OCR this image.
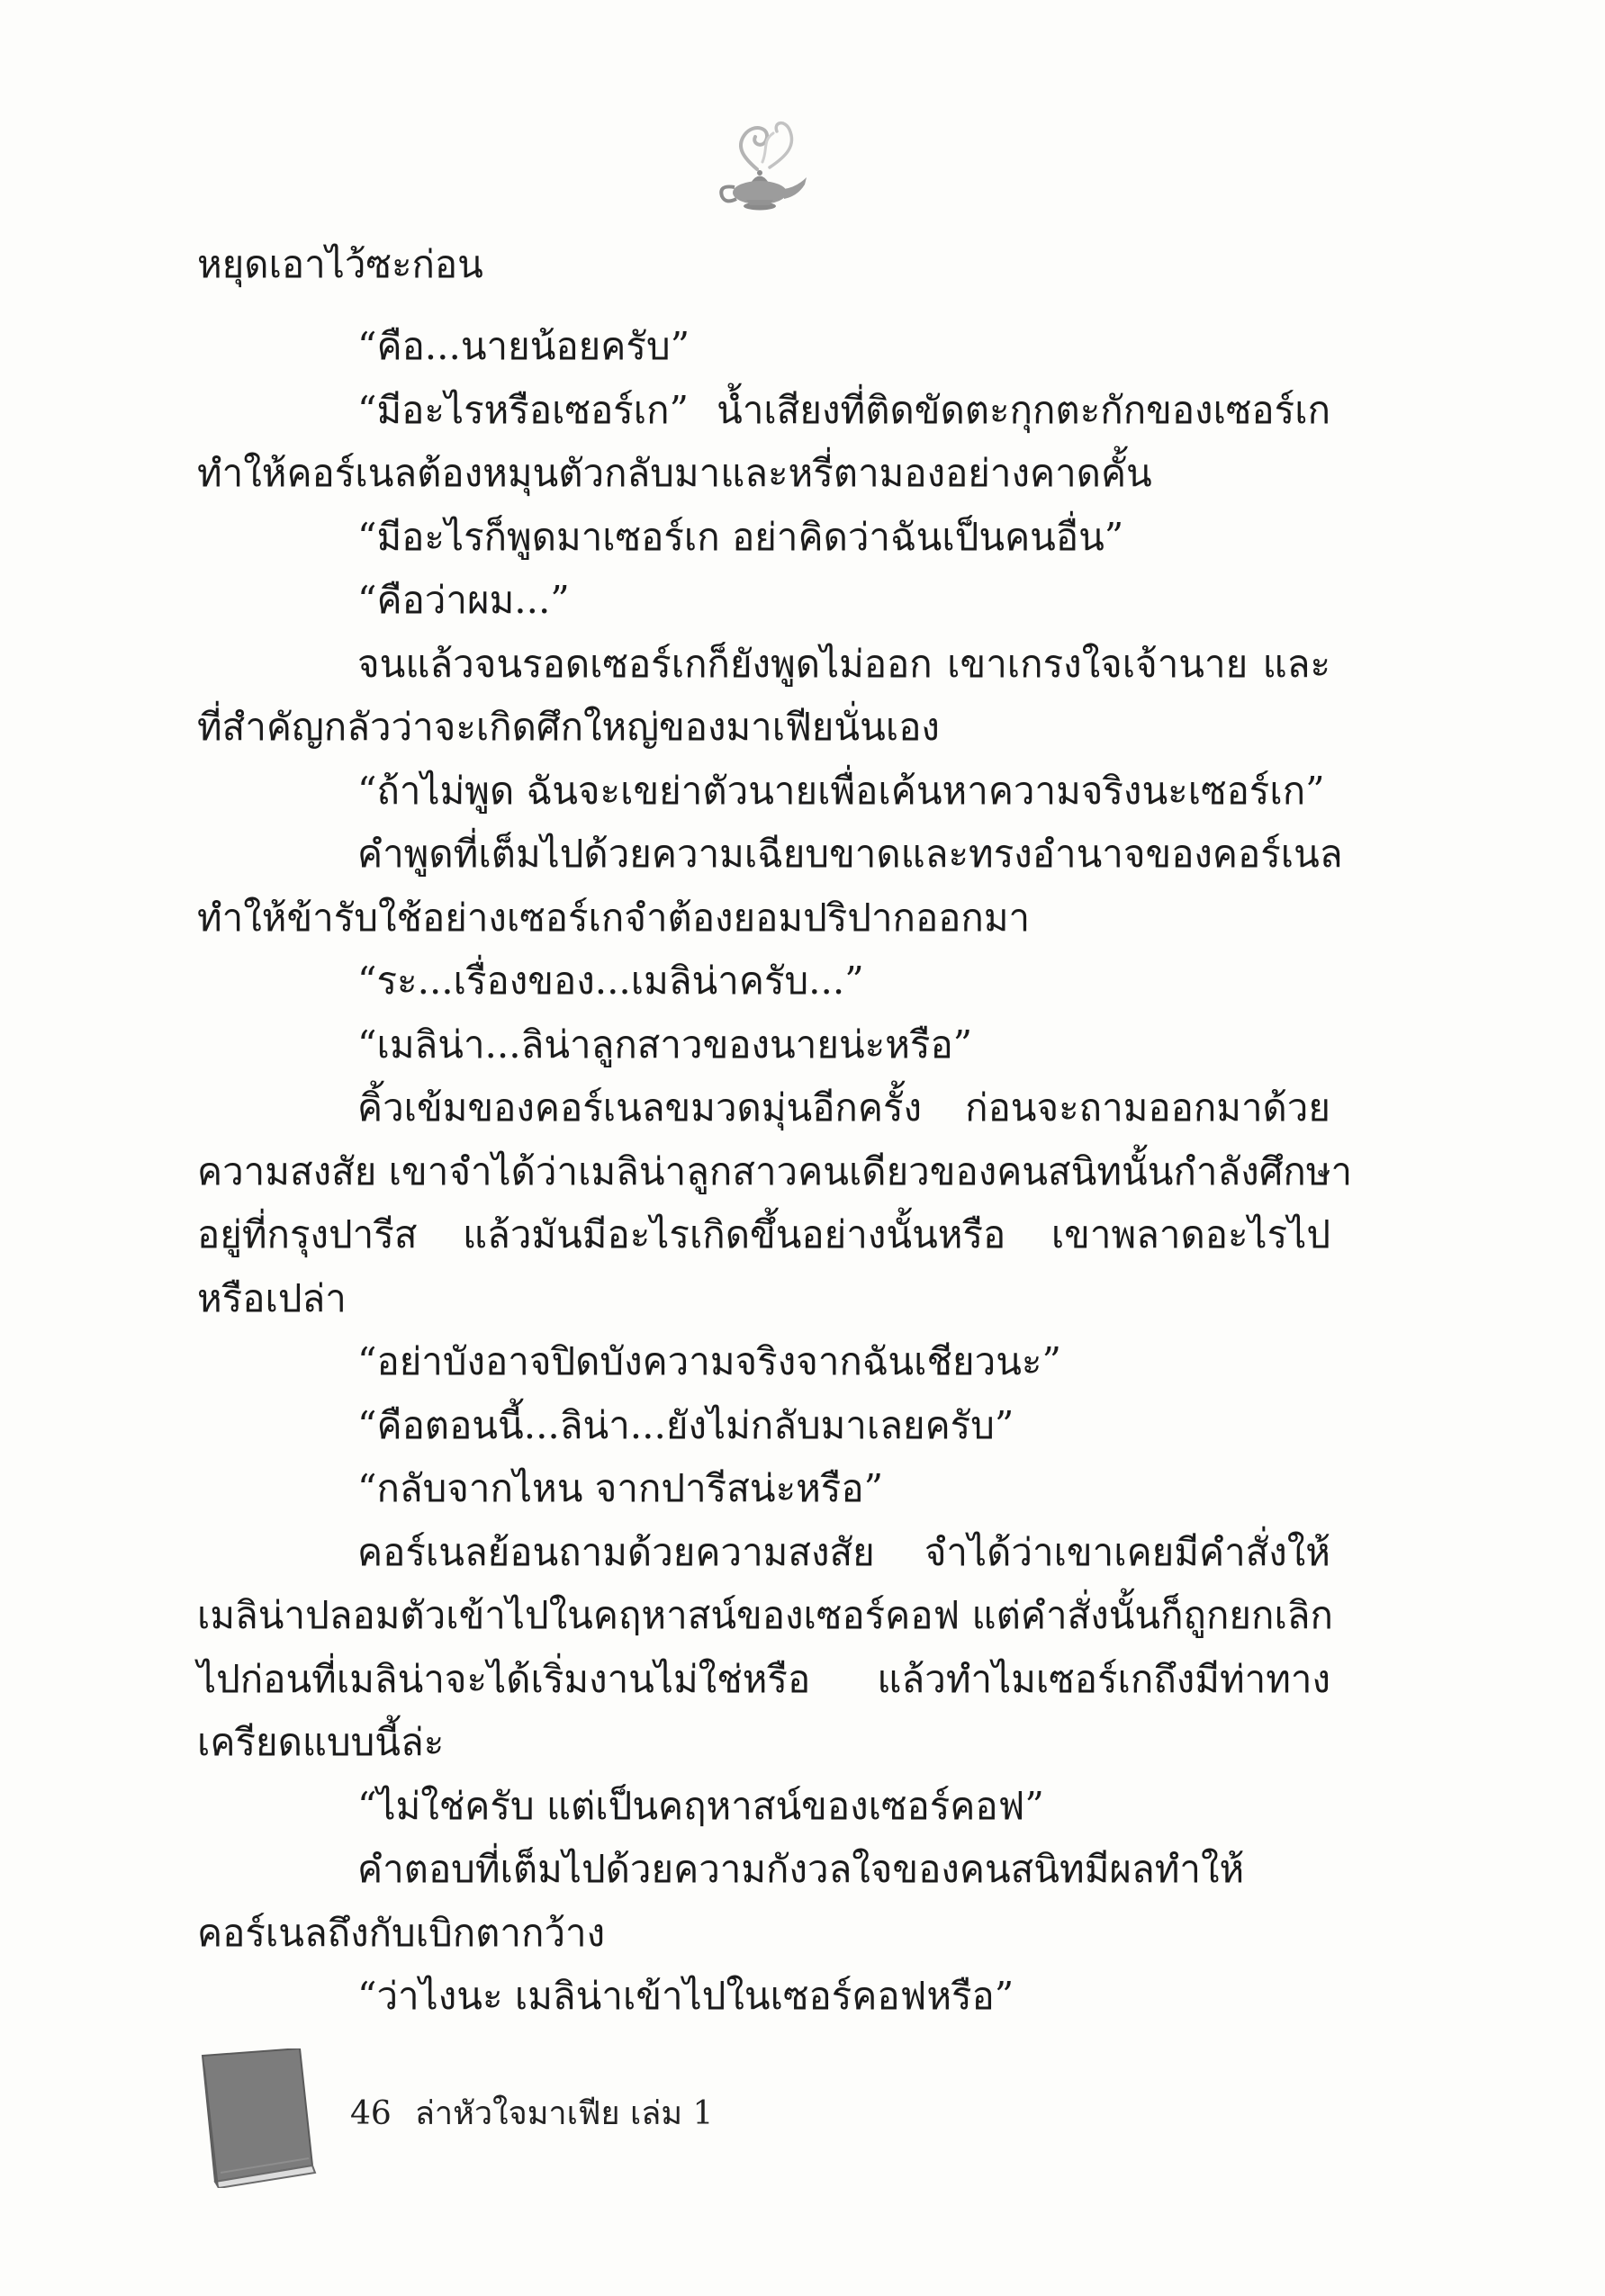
หยุดเอาไว้ซะก่อน
“คือ...นายน้อยครับ”
“มีอะไรหรือเซอร์เก” น้ำเสียงที่ติดขัดตะกุกตะกักของเซอร์เก
ทำให้คอร์เนลต้องหมุนตัวกลับมาและหรี่ตามองอย่างคาดคั้น
“มีอะไรก็พูดมาเซอร์เก อย่าคิดว่าฉันเป็นคนอื่น”
“คือว่าผม...”
จนแล้วจนรอดเซอร์เกก็ยังพูดไม่ออก เขาเกรงใจเจ้านาย และ
ที่สำคัญกลัวว่าจะเกิดศึกใหญ่ของมาเฟียนั่นเอง
“ถ้าไม่พูด ฉันจะเขย่าตัวนายเพื่อเค้นหาความจริงนะเซอร์เก”
คำพูดที่เต็มไปด้วยความเฉียบขาดและทรงอำนาจของคอร์เนล
ทำให้ข้ารับใช้อย่างเซอร์เกจำต้องยอมปริปากออกมา
“ระ...เรื่องของ...เมลิน่าครับ...”
“เมลิน่า...ลิน่าลูกสาวของนายน่ะหรือ”
คิ้วเข้มของคอร์เนลขมวดมุ่นอีกครั้ง ก่อนจะถามออกมาด้วย
ความสงสัย เขาจำได้ว่าเมลิน่าลูกสาวคนเดียวของคนสนิทนั้นกำลังศึกษา
อยู่ที่กรุงปารีส แล้วมันมีอะไรเกิดขึ้นอย่างนั้นหรือ เขาพลาดอะไรไป
หรือเปล่า
“อย่าบังอาจปิดบังความจริงจากฉันเชียวนะ”
“คือตอนนี้...ลิน่า...ยังไม่กลับมาเลยครับ”
“กลับจากไหน จากปารีสน่ะหรือ”
คอร์เนลย้อนถามด้วยความสงสัย จำได้ว่าเขาเคยมีคำสั่งให้
เมลิน่าปลอมตัวเข้าไปในคฤหาสน์ของเซอร์คอฟ แต่คำสั่งนั้นก็ถูกยกเลิก
ไปก่อนที่เมลิน่าจะได้เริ่มงานไม่ใช่หรือ แล้วทำไมเซอร์เกถึงมีท่าทาง
เครียดแบบนี้ล่ะ
“ไม่ใช่ครับ แต่เป็นคฤหาสน์ของเซอร์คอฟ”
คำตอบที่เต็มไปด้วยความกังวลใจของคนสนิทมีผลทำให้
คอร์เนลถึงกับเบิกตากว้าง
“ว่าไงนะ เมลิน่าเข้าไปในเซอร์คอฟหรือ”
46 ล่าหัวใจมาเฟีย เล่ม 1
